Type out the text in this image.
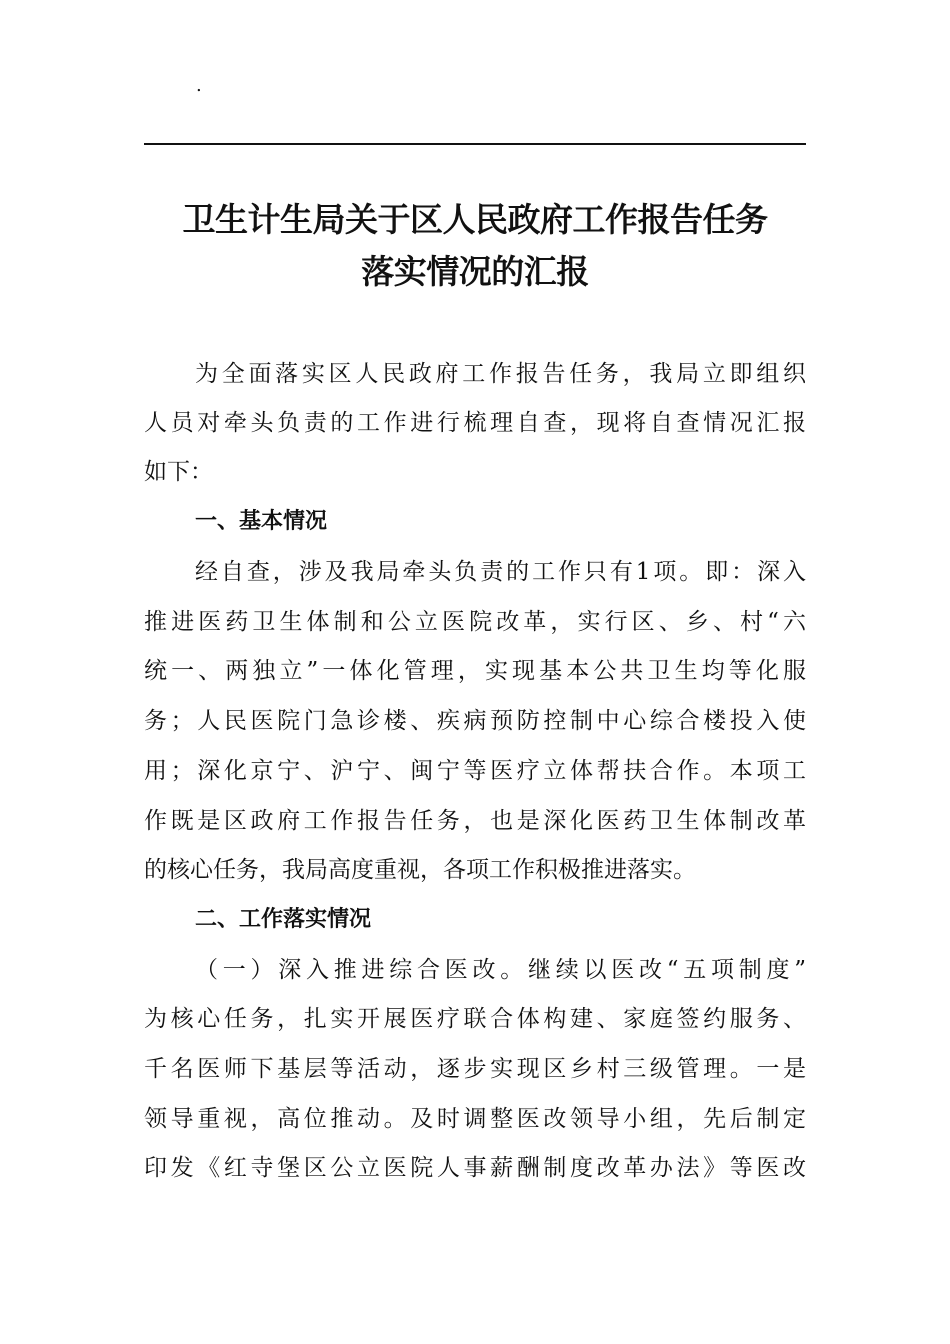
.
卫生计生局关于区人民政府工作报告任务
落实情况的汇报
为全面落实区人民政府工作报告任务，我局立即组织
人员对牵头负责的工作进行梳理自查，现将自查情况汇报
如下：
一、基本情况
经自查，涉及我局牵头负责的工作只有1项。即：深入
推进医药卫生体制和公立医院改革，实行区、乡、村“六
统一、两独立”一体化管理，实现基本公共卫生均等化服
务；人民医院门急诊楼、疾病预防控制中心综合楼投入使
用；深化京宁、沪宁、闽宁等医疗立体帮扶合作。本项工
作既是区政府工作报告任务，也是深化医药卫生体制改革
的核心任务，我局高度重视，各项工作积极推进落实。
二、工作落实情况
（一）深入推进综合医改。继续以医改“五项制度”
为核心任务，扎实开展医疗联合体构建、家庭签约服务、
千名医师下基层等活动，逐步实现区乡村三级管理。一是
领导重视，高位推动。及时调整医改领导小组，先后制定
印发《红寺堡区公立医院人事薪酬制度改革办法》等医改
